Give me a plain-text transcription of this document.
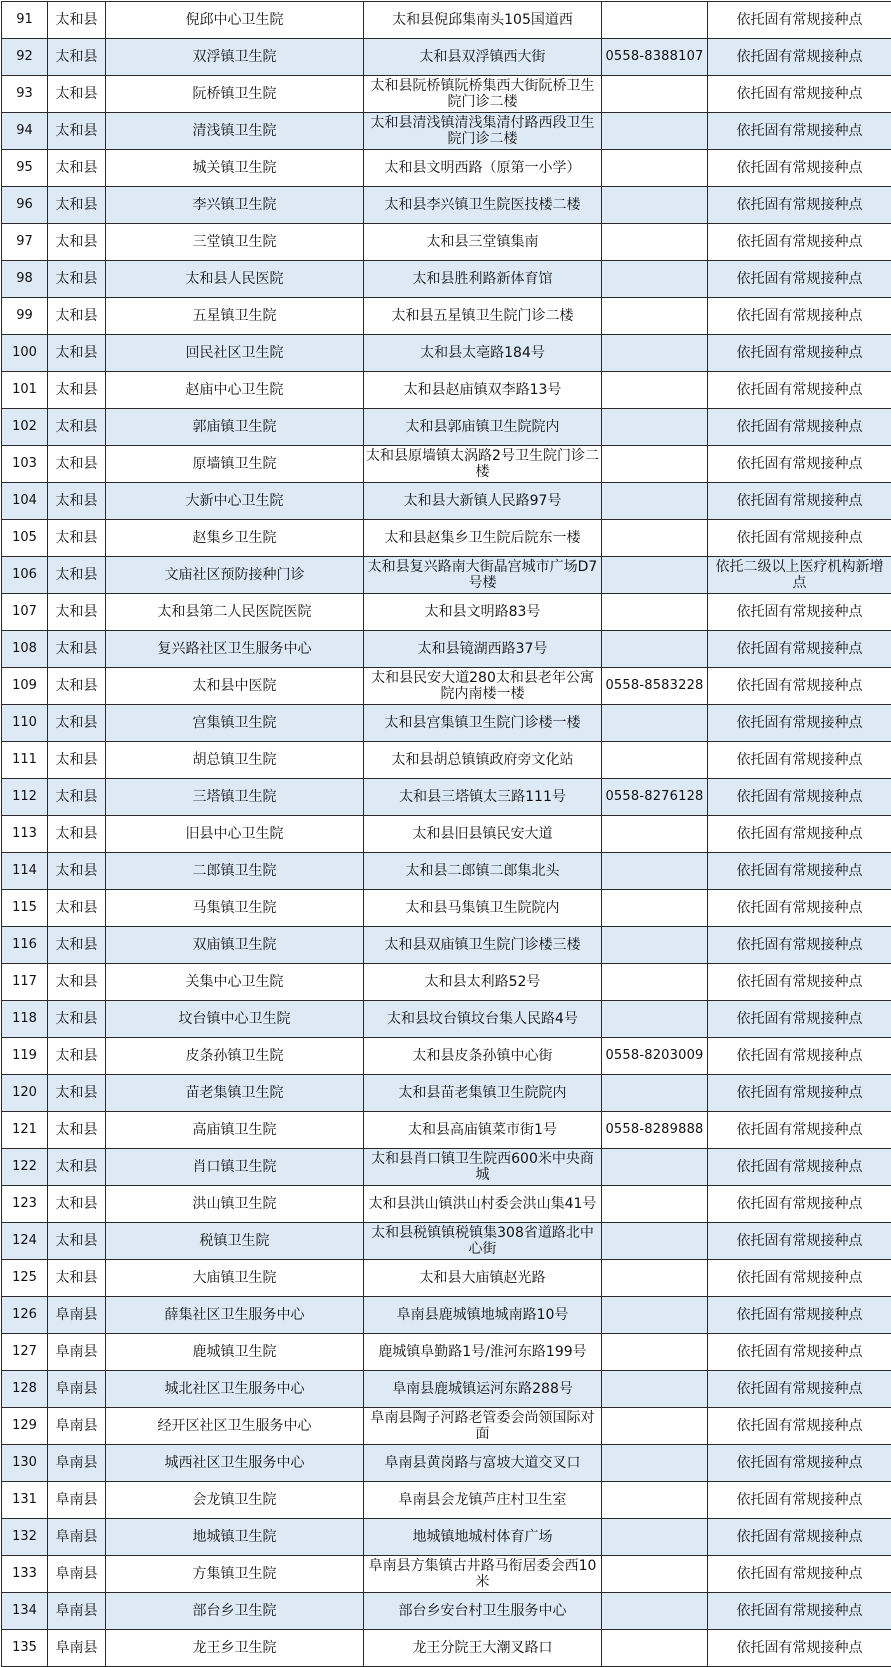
91	太和县	倪邱中心卫生院	太和县倪邱集南头105国道西		依托固有常规接种点
92	太和县	双浮镇卫生院	太和县双浮镇西大街	0558-8388107	依托固有常规接种点
93	太和县	阮桥镇卫生院	太和县阮桥镇阮桥集西大街阮桥卫生院门诊二楼		依托固有常规接种点
94	太和县	清浅镇卫生院	太和县清浅镇清浅集清付路西段卫生院门诊二楼		依托固有常规接种点
95	太和县	城关镇卫生院	太和县文明西路（原第一小学）		依托固有常规接种点
96	太和县	李兴镇卫生院	太和县李兴镇卫生院医技楼二楼		依托固有常规接种点
97	太和县	三堂镇卫生院	太和县三堂镇集南		依托固有常规接种点
98	太和县	太和县人民医院	太和县胜利路新体育馆		依托固有常规接种点
99	太和县	五星镇卫生院	太和县五星镇卫生院门诊二楼		依托固有常规接种点
100	太和县	回民社区卫生院	太和县太亳路184号		依托固有常规接种点
101	太和县	赵庙中心卫生院	太和县赵庙镇双李路13号		依托固有常规接种点
102	太和县	郭庙镇卫生院	太和县郭庙镇卫生院院内		依托固有常规接种点
103	太和县	原墙镇卫生院	太和县原墙镇太涡路2号卫生院门诊二楼		依托固有常规接种点
104	太和县	大新中心卫生院	太和县大新镇人民路97号		依托固有常规接种点
105	太和县	赵集乡卫生院	太和县赵集乡卫生院后院东一楼		依托固有常规接种点
106	太和县	文庙社区预防接种门诊	太和县复兴路南大街晶宫城市广场D7号楼		依托二级以上医疗机构新增点
107	太和县	太和县第二人民医院医院	太和县文明路83号		依托固有常规接种点
108	太和县	复兴路社区卫生服务中心	太和县镜湖西路37号		依托固有常规接种点
109	太和县	太和县中医院	太和县民安大道280太和县老年公寓院内南楼一楼	0558-8583228	依托固有常规接种点
110	太和县	宫集镇卫生院	太和县宫集镇卫生院门诊楼一楼		依托固有常规接种点
111	太和县	胡总镇卫生院	太和县胡总镇镇政府旁文化站		依托固有常规接种点
112	太和县	三塔镇卫生院	太和县三塔镇太三路111号	0558-8276128	依托固有常规接种点
113	太和县	旧县中心卫生院	太和县旧县镇民安大道		依托固有常规接种点
114	太和县	二郎镇卫生院	太和县二郎镇二郎集北头		依托固有常规接种点
115	太和县	马集镇卫生院	太和县马集镇卫生院院内		依托固有常规接种点
116	太和县	双庙镇卫生院	太和县双庙镇卫生院门诊楼三楼		依托固有常规接种点
117	太和县	关集中心卫生院	太和县太利路52号		依托固有常规接种点
118	太和县	坟台镇中心卫生院	太和县坟台镇坟台集人民路4号		依托固有常规接种点
119	太和县	皮条孙镇卫生院	太和县皮条孙镇中心街	0558-8203009	依托固有常规接种点
120	太和县	苗老集镇卫生院	太和县苗老集镇卫生院院内		依托固有常规接种点
121	太和县	高庙镇卫生院	太和县高庙镇菜市街1号	0558-8289888	依托固有常规接种点
122	太和县	肖口镇卫生院	太和县肖口镇卫生院西600米中央商城		依托固有常规接种点
123	太和县	洪山镇卫生院	太和县洪山镇洪山村委会洪山集41号		依托固有常规接种点
124	太和县	税镇卫生院	太和县税镇镇税镇集308省道路北中心街		依托固有常规接种点
125	太和县	大庙镇卫生院	太和县大庙镇赵光路		依托固有常规接种点
126	阜南县	薛集社区卫生服务中心	阜南县鹿城镇地城南路10号		依托固有常规接种点
127	阜南县	鹿城镇卫生院	鹿城镇阜勤路1号/淮河东路199号		依托固有常规接种点
128	阜南县	城北社区卫生服务中心	阜南县鹿城镇运河东路288号		依托固有常规接种点
129	阜南县	经开区社区卫生服务中心	阜南县陶子河路老管委会尚领国际对面		依托固有常规接种点
130	阜南县	城西社区卫生服务中心	阜南县黄岗路与富坡大道交叉口		依托固有常规接种点
131	阜南县	会龙镇卫生院	阜南县会龙镇芦庄村卫生室		依托固有常规接种点
132	阜南县	地城镇卫生院	地城镇地城村体育广场		依托固有常规接种点
133	阜南县	方集镇卫生院	阜南县方集镇古井路马衔居委会西10米		依托固有常规接种点
134	阜南县	部台乡卫生院	部台乡安台村卫生服务中心		依托固有常规接种点
135	阜南县	龙王乡卫生院	龙王分院王大潮叉路口		依托固有常规接种点
